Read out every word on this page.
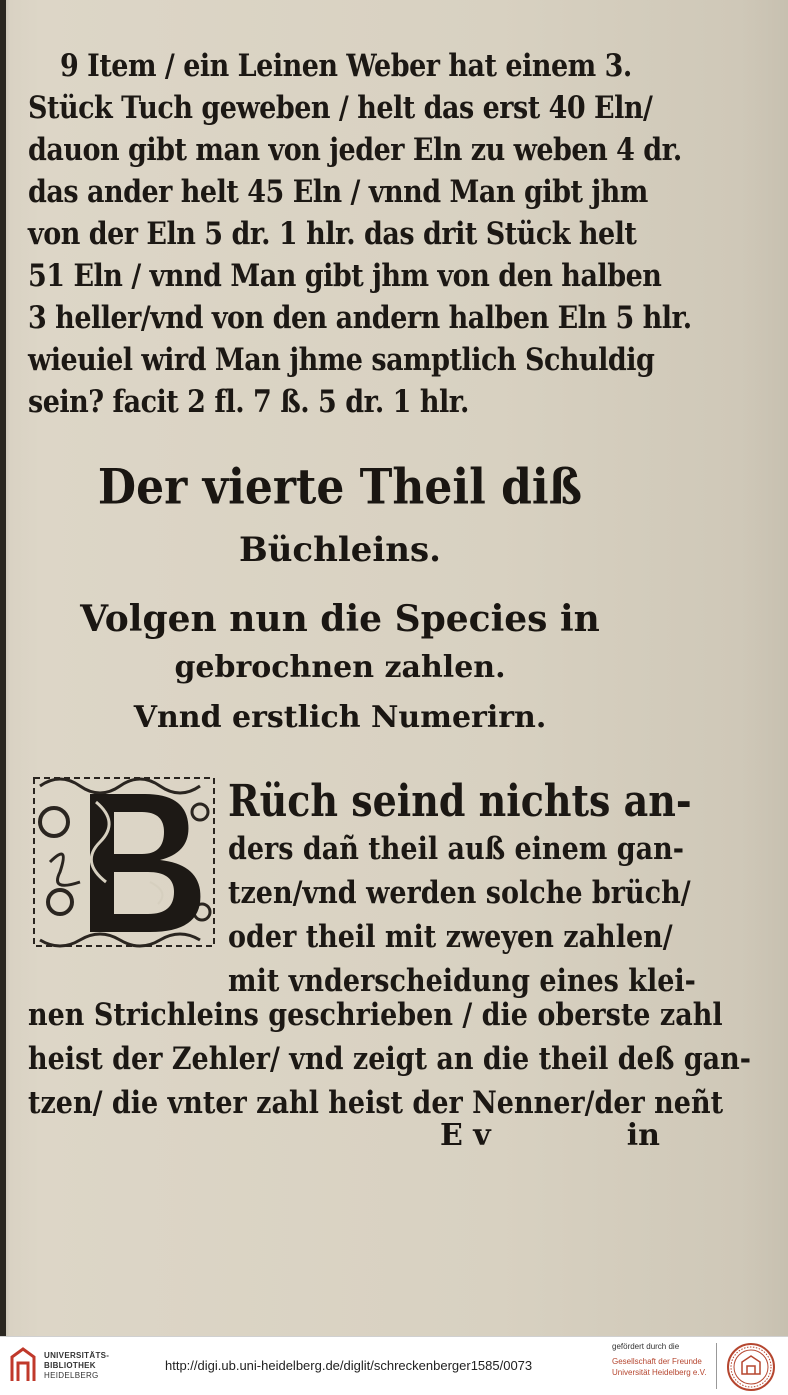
9 Item / ein Leinen Weber hat einem 3.
Stück Tuch geweben / helt das erst 40 Eln/
dauon gibt man von jeder Eln zu weben 4 dr.
das ander helt 45 Eln / vnnd Man gibt jhm
von der Eln 5 dr. 1 hlr. das drit Stück helt
51 Eln / vnnd Man gibt jhm von den halben
3 heller/vnd von den andern halben Eln 5 hlr.
wieuiel wird Man jhme samptlich Schuldig
sein? facit 2 fl. 7 ß. 5 dr. 1 hlr.
Der vierte Theil diß
Büchleins.
Volgen nun die Species in
gebrochnen zahlen.
Vnnd erstlich Numerirn.
Rüch seind nichts an-
ders dañ theil auß einem gan-
tzen/vnd werden solche brüch/
oder theil mit zweyen zahlen/
mit vnderscheidung eines klei-
nen Strichleins geschrieben / die oberste zahl
heist der Zehler/ vnd zeigt an die theil deß gan-
tzen/ die vnter zahl heist der Nenner/der neñt
E v	in
UNIVERSITÄTS-
BIBLIOTHEK
HEIDELBERG
http://digi.ub.uni-heidelberg.de/diglit/schreckenberger1585/0073
gefördert durch die
Gesellschaft der Freunde
Universität Heidelberg e.V.
